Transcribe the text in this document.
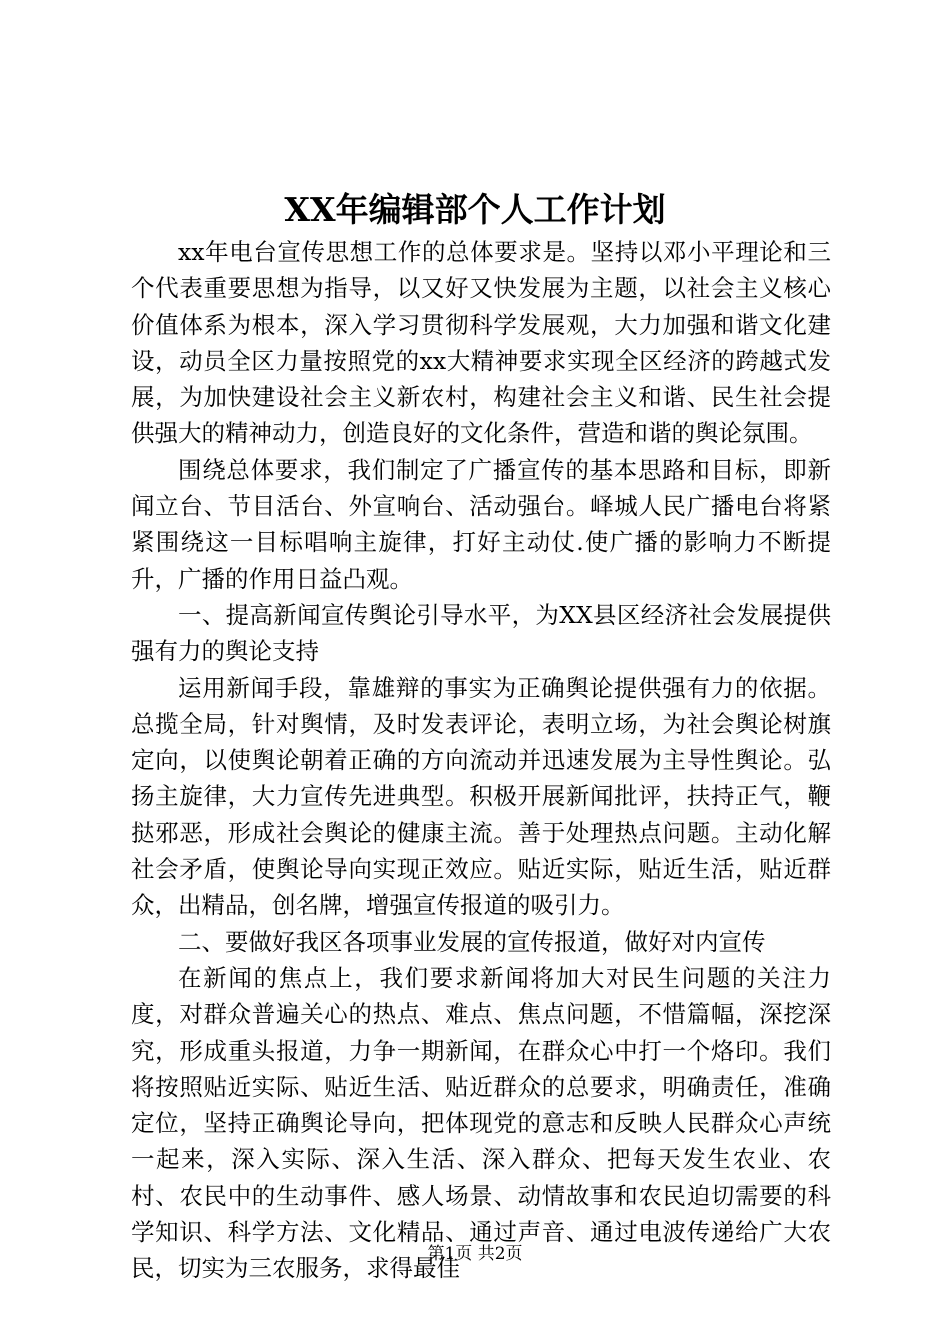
XX年编辑部个人工作计划

xx年电台宣传思想工作的总体要求是。坚持以邓小平理论和三个代表重要思想为指导，以又好又快发展为主题，以社会主义核心价值体系为根本，深入学习贯彻科学发展观，大力加强和谐文化建设，动员全区力量按照党的xx大精神要求实现全区经济的跨越式发展，为加快建设社会主义新农村，构建社会主义和谐、民生社会提供强大的精神动力，创造良好的文化条件，营造和谐的舆论氛围。

围绕总体要求，我们制定了广播宣传的基本思路和目标，即新闻立台、节目活台、外宣响台、活动强台。峄城人民广播电台将紧紧围绕这一目标唱响主旋律，打好主动仗.使广播的影响力不断提升，广播的作用日益凸观。

一、提高新闻宣传舆论引导水平，为XX县区经济社会发展提供强有力的舆论支持

运用新闻手段，靠雄辩的事实为正确舆论提供强有力的依据。总揽全局，针对舆情，及时发表评论，表明立场，为社会舆论树旗定向，以使舆论朝着正确的方向流动并迅速发展为主导性舆论。弘扬主旋律，大力宣传先进典型。积极开展新闻批评，扶持正气，鞭挞邪恶，形成社会舆论的健康主流。善于处理热点问题。主动化解社会矛盾，使舆论导向实现正效应。贴近实际，贴近生活，贴近群众，出精品，创名牌，增强宣传报道的吸引力。

二、要做好我区各项事业发展的宣传报道，做好对内宣传

在新闻的焦点上，我们要求新闻将加大对民生问题的关注力度，对群众普遍关心的热点、难点、焦点问题，不惜篇幅，深挖深究，形成重头报道，力争一期新闻，在群众心中打一个烙印。我们将按照贴近实际、贴近生活、贴近群众的总要求，明确责任，准确定位，坚持正确舆论导向，把体现党的意志和反映人民群众心声统一起来，深入实际、深入生活、深入群众、把每天发生农业、农村、农民中的生动事件、感人场景、动情故事和农民迫切需要的科学知识、科学方法、文化精品、通过声音、通过电波传递给广大农民，切实为三农服务，求得最佳

第1页 共2页
